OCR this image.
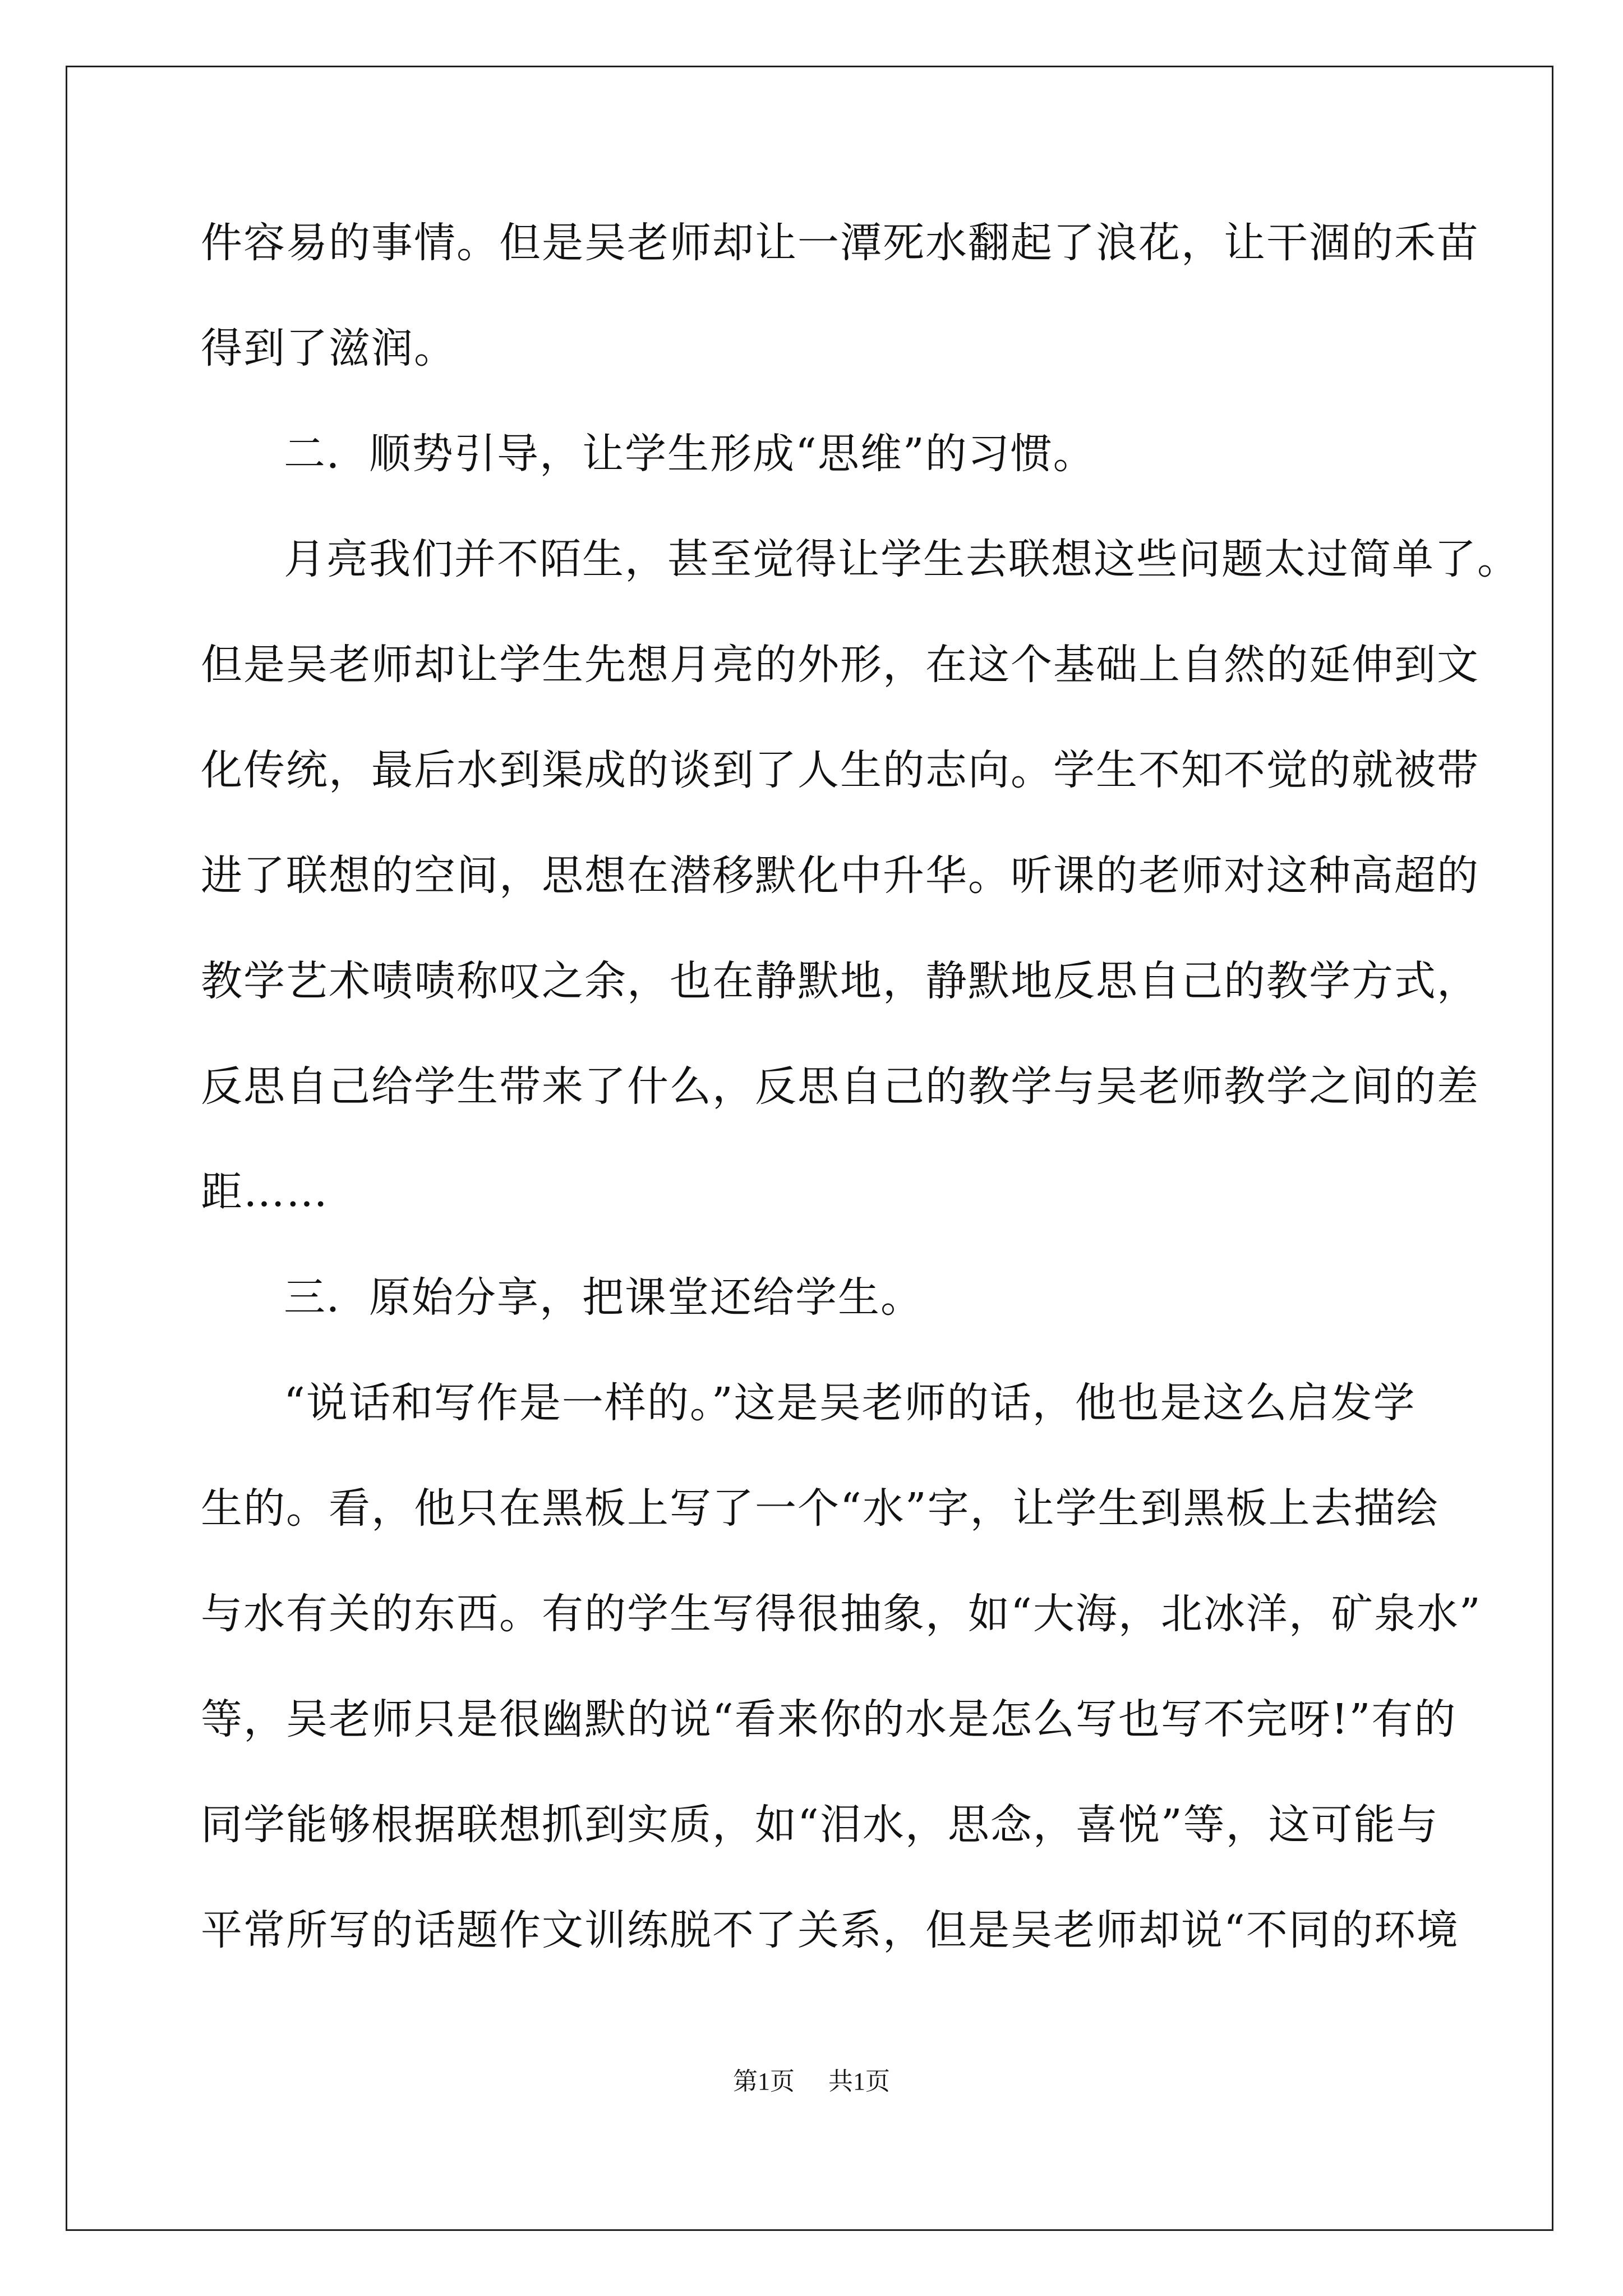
件容易的事情。但是吴老师却让一潭死水翻起了浪花，让干涸的禾苗
得到了滋润。
二．顺势引导，让学生形成“思维”的习惯。
月亮我们并不陌生，甚至觉得让学生去联想这些问题太过简单了。
但是吴老师却让学生先想月亮的外形，在这个基础上自然的延伸到文
化传统，最后水到渠成的谈到了人生的志向。学生不知不觉的就被带
进了联想的空间，思想在潜移默化中升华。听课的老师对这种高超的
教学艺术啧啧称叹之余，也在静默地，静默地反思自己的教学方式，
反思自己给学生带来了什么，反思自己的教学与吴老师教学之间的差
距……
三．原始分享，把课堂还给学生。
“说话和写作是一样的。”这是吴老师的话，他也是这么启发学
生的。看，他只在黑板上写了一个“水”字，让学生到黑板上去描绘
与水有关的东西。有的学生写得很抽象，如“大海，北冰洋，矿泉水”
等，吴老师只是很幽默的说“看来你的水是怎么写也写不完呀!”有的
同学能够根据联想抓到实质，如“泪水，思念，喜悦”等，这可能与
平常所写的话题作文训练脱不了关系，但是吴老师却说“不同的环境
第1页 共1页
